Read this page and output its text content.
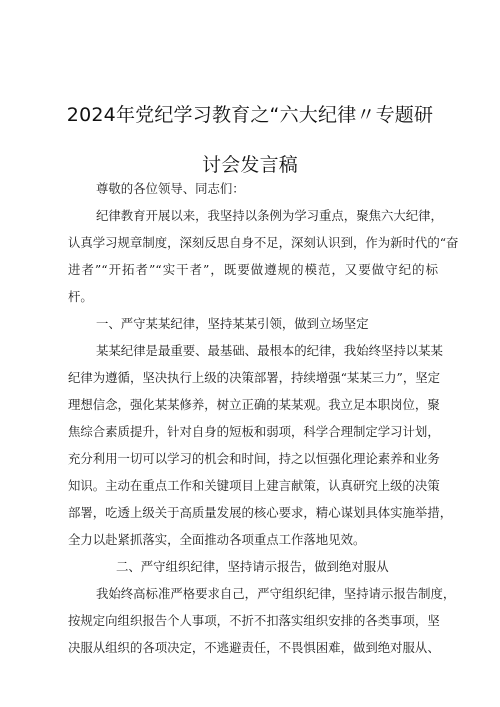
2024年党纪学习教育之“六大纪律〃专题研
讨会发言稿
尊敬的各位领导、同志们：
纪律教育开展以来，我坚持以条例为学习重点，聚焦六大纪律，
认真学习规章制度，深刻反思自身不足，深刻认识到，作为新时代的“奋
进者”“开拓者”“实干者”，既要做遵规的模范，又要做守纪的标
杆。
一、严守某某纪律，坚持某某引领，做到立场坚定
某某纪律是最重要、最基础、最根本的纪律，我始终坚持以某某
纪律为遵循，坚决执行上级的决策部署，持续增强“某某三力”，坚定
理想信念，强化某某修养，树立正确的某某观。我立足本职岗位，聚
焦综合素质提升，针对自身的短板和弱项，科学合理制定学习计划，
充分利用一切可以学习的机会和时间，持之以恒强化理论素养和业务
知识。主动在重点工作和关键项目上建言献策，认真研究上级的决策
部署，吃透上级关于高质量发展的核心要求，精心谋划具体实施举措，
全力以赴紧抓落实，全面推动各项重点工作落地见效。
二、严守组织纪律，坚持请示报告，做到绝对服从
我始终高标准严格要求自己，严守组织纪律，坚持请示报告制度，
按规定向组织报告个人事项，不折不扣落实组织安排的各类事项，坚
决服从组织的各项决定，不逃避责任，不畏惧困难，做到绝对服从、
